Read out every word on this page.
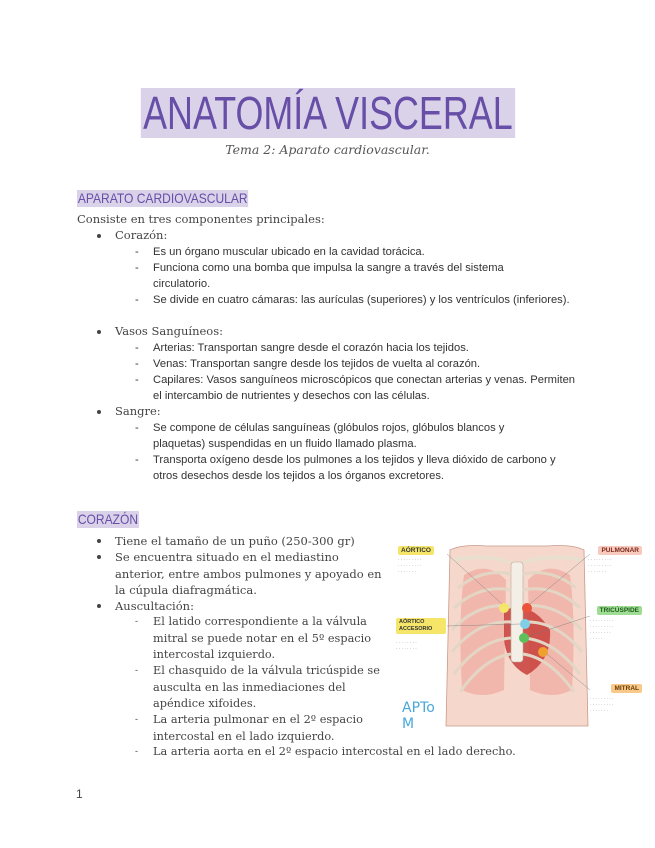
ANATOMÍA VISCERAL
Tema 2: Aparato cardiovascular.
APARATO CARDIOVASCULAR
Consiste en tres componentes principales:
Corazón:
- Es un órgano muscular ubicado en la cavidad torácica.
- Funciona como una bomba que impulsa la sangre a través del sistema circulatorio.
- Se divide en cuatro cámaras: las aurículas (superiores) y los ventrículos (inferiores).
Vasos Sanguíneos:
- Arterias: Transportan sangre desde el corazón hacia los tejidos.
- Venas: Transportan sangre desde los tejidos de vuelta al corazón.
- Capilares: Vasos sanguíneos microscópicos que conectan arterias y venas. Permiten el intercambio de nutrientes y desechos con las células.
Sangre:
- Se compone de células sanguíneas (glóbulos rojos, glóbulos blancos y plaquetas) suspendidas en un fluido llamado plasma.
- Transporta oxígeno desde los pulmones a los tejidos y lleva dióxido de carbono y otros desechos desde los tejidos a los órganos excretores.
CORAZÓN
Tiene el tamaño de un puño (250-300 gr)
Se encuentra situado en el mediastino anterior, entre ambos pulmones y apoyado en la cúpula diafragmática.
Auscultación:
- El latido correspondiente a la válvula mitral se puede notar en el 5º espacio intercostal izquierdo.
- El chasquido de la válvula tricúspide se ausculta en las inmediaciones del apéndice xifoides.
- La arteria pulmonar en el 2º espacio intercostal en el lado izquierdo.
- La arteria aorta en el 2º espacio intercostal en el lado derecho.
AÓRTICO
· · · · · · · · ·
· · · · · · · · ·
· · · · · · ·
PULMONAR
· · · · · · · · ·
· · · · · · · · ·
· · · · · · ·
AÓRTICO ACCESORIO
· · · · · · · ·
· · · · · · · ·
TRICÚSPIDE
· · · · · · · · ·
· · · · · · · · ·
· · · · · · · ·
· · · · ·
MITRAL
· · · · · · · · ·
· · · · · · · · ·
· · · · · · ·
APTo M
1
